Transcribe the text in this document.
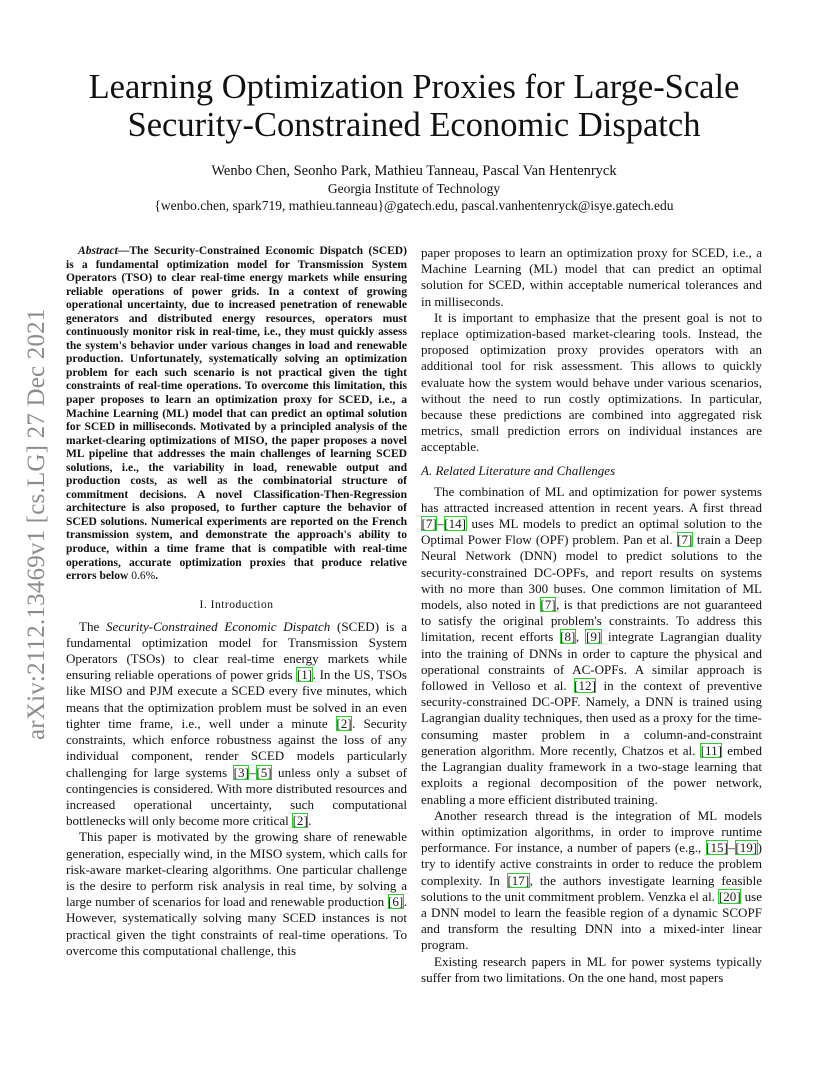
arXiv:2112.13469v1 [cs.LG] 27 Dec 2021
Learning Optimization Proxies for Large-Scale
Security-Constrained Economic Dispatch
Wenbo Chen, Seonho Park, Mathieu Tanneau, Pascal Van Hentenryck
Georgia Institute of Technology
{wenbo.chen, spark719, mathieu.tanneau}@gatech.edu, pascal.vanhentenryck@isye.gatech.edu

Abstract—The Security-Constrained Economic Dispatch (SCED) is a fundamental optimization model for Transmission System Operators (TSO) to clear real-time energy markets while ensuring reliable operations of power grids. In a context of growing operational uncertainty, due to increased penetration of renewable generators and distributed energy resources, operators must continuously monitor risk in real-time, i.e., they must quickly assess the system's behavior under various changes in load and renewable production. Unfortunately, systematically solving an optimization problem for each such scenario is not practical given the tight constraints of real-time operations. To overcome this limitation, this paper proposes to learn an optimization proxy for SCED, i.e., a Machine Learning (ML) model that can predict an optimal solution for SCED in milliseconds. Motivated by a principled analysis of the market-clearing optimizations of MISO, the paper proposes a novel ML pipeline that addresses the main challenges of learning SCED solutions, i.e., the variability in load, renewable output and production costs, as well as the combinatorial structure of commitment decisions. A novel Classification-Then-Regression architecture is also proposed, to further capture the behavior of SCED solutions. Numerical experiments are reported on the French transmission system, and demonstrate the approach's ability to produce, within a time frame that is compatible with real-time operations, accurate optimization proxies that produce relative errors below 0.6%.

I. Introduction

The Security-Constrained Economic Dispatch (SCED) is a fundamental optimization model for Transmission System Operators (TSOs) to clear real-time energy markets while ensuring reliable operations of power grids [1]. In the US, TSOs like MISO and PJM execute a SCED every five minutes, which means that the optimization problem must be solved in an even tighter time frame, i.e., well under a minute [2]. Security constraints, which enforce robustness against the loss of any individual component, render SCED models particularly challenging for large systems [3]–[5] unless only a subset of contingencies is considered. With more distributed resources and increased operational uncertainty, such computational bottlenecks will only become more critical [2].

This paper is motivated by the growing share of renewable generation, especially wind, in the MISO system, which calls for risk-aware market-clearing algorithms. One particular challenge is the desire to perform risk analysis in real time, by solving a large number of scenarios for load and renewable production [6]. However, systematically solving many SCED instances is not practical given the tight constraints of real-time operations. To overcome this computational challenge, this

paper proposes to learn an optimization proxy for SCED, i.e., a Machine Learning (ML) model that can predict an optimal solution for SCED, within acceptable numerical tolerances and in milliseconds.

It is important to emphasize that the present goal is not to replace optimization-based market-clearing tools. Instead, the proposed optimization proxy provides operators with an additional tool for risk assessment. This allows to quickly evaluate how the system would behave under various scenarios, without the need to run costly optimizations. In particular, because these predictions are combined into aggregated risk metrics, small prediction errors on individual instances are acceptable.

A. Related Literature and Challenges

The combination of ML and optimization for power systems has attracted increased attention in recent years. A first thread [7]–[14] uses ML models to predict an optimal solution to the Optimal Power Flow (OPF) problem. Pan et al. [7] train a Deep Neural Network (DNN) model to predict solutions to the security-constrained DC-OPFs, and report results on systems with no more than 300 buses. One common limitation of ML models, also noted in [7], is that predictions are not guaranteed to satisfy the original problem's constraints. To address this limitation, recent efforts [8], [9] integrate Lagrangian duality into the training of DNNs in order to capture the physical and operational constraints of AC-OPFs. A similar approach is followed in Velloso et al. [12] in the context of preventive security-constrained DC-OPF. Namely, a DNN is trained using Lagrangian duality techniques, then used as a proxy for the time-consuming master problem in a column-and-constraint generation algorithm. More recently, Chatzos et al. [11] embed the Lagrangian duality framework in a two-stage learning that exploits a regional decomposition of the power network, enabling a more efficient distributed training.

Another research thread is the integration of ML models within optimization algorithms, in order to improve runtime performance. For instance, a number of papers (e.g., [15]–[19]) try to identify active constraints in order to reduce the problem complexity. In [17], the authors investigate learning feasible solutions to the unit commitment problem. Venzka el al. [20] use a DNN model to learn the feasible region of a dynamic SCOPF and transform the resulting DNN into a mixed-inter linear program.

Existing research papers in ML for power systems typically suffer from two limitations. On the one hand, most papers
